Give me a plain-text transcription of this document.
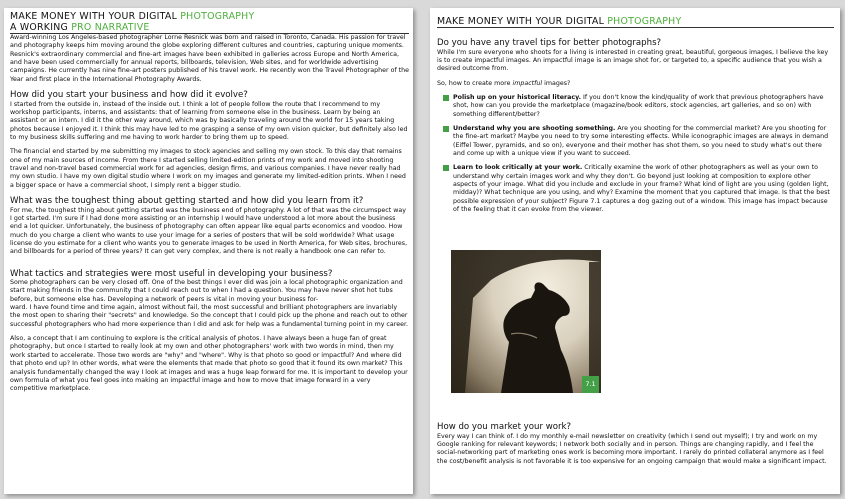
MAKE MONEY WITH YOUR DIGITAL PHOTOGRAPHY
A WORKING PRO NARRATIVE

Award-winning Los Angeles-based photographer Lorne Resnick was born and raised in Toronto, Canada. His passion for travel and photography keeps him moving around the globe exploring different cultures and countries, capturing unique moments. Resnick's extraordinary commercial and fine-art images have been exhibited in galleries across Europe and North America, and have been used commercially for annual reports, billboards, television, Web sites, and for worldwide advertising campaigns. He currently has nine fine-art posters published of his travel work. He recently won the Travel Photographer of the Year and first place in the International Photography Awards.

How did you start your business and how did it evolve?

I started from the outside in, instead of the inside out. I think a lot of people follow the route that I recommend to my workshop participants, interns, and assistants: that of learning from someone else in the business. Learn by being an assistant or an intern. I did it the other way around, which was by basically traveling around the world for 15 years taking photos because I enjoyed it. I think this may have led to me grasping a sense of my own vision quicker, but definitely also led to my business skills suffering and me having to work harder to bring them up to speed.

The financial end started by me submitting my images to stock agencies and selling my own stock. To this day that remains one of my main sources of income. From there I started selling limited-edition prints of my work and moved into shooting travel and non-travel based commercial work for ad agencies, design firms, and various companies. I have never really had my own studio. I have my own digital studio where I work on my images and generate my limited-edition prints. When I need a bigger space or have a commercial shoot, I simply rent a bigger studio.

What was the toughest thing about getting started and how did you learn from it?

For me, the toughest thing about getting started was the business end of photography. A lot of that was the circumspect way I got started. I'm sure if I had done more assisting or an internship I would have understood a lot more about the business end a lot quicker. Unfortunately, the business of photography can often appear like equal parts economics and voodoo. How much do you charge a client who wants to use your image for a series of posters that will be sold worldwide? What usage license do you estimate for a client who wants you to generate images to be used in North America, for Web sites, brochures, and billboards for a period of three years? It can get very complex, and there is not really a handbook one can refer to.

What tactics and strategies were most useful in developing your business?

Some photographers can be very closed off. One of the best things I ever did was join a local photographic organization and start making friends in the community that I could reach out to when I had a question. You may have never shot hot tubs before, but someone else has. Developing a network of peers is vital in moving your business for-

ward. I have found time and time again, almost without fail, the most successful and brilliant photographers are invariably the most open to sharing their "secrets" and knowledge. So the concept that I could pick up the phone and reach out to other successful photographers who had more experience than I did and ask for help was a fundamental turning point in my career.

Also, a concept that I am continuing to explore is the critical analysis of photos. I have always been a huge fan of great photography, but once I started to really look at my own and other photographers' work with two words in mind, then my work started to accelerate. Those two words are "why" and "where". Why is that photo so good or impactful? And where did that photo end up? In other words, what were the elements that made that photo so good that it found its own market? This analysis fundamentally changed the way I look at images and was a huge leap forward for me. It is important to develop your own formula of what you feel goes into making an impactful image and how to move that image forward in a very competitive marketplace.

MAKE MONEY WITH YOUR DIGITAL PHOTOGRAPHY
Do you have any travel tips for better photographs?

While I'm sure everyone who shoots for a living is interested in creating great, beautiful, gorgeous images, I believe the key is to create impactful images. An impactful image is an image shot for, or targeted to, a specific audience that you wish a desired outcome from.

So, how to create more impactful images?

Polish up on your historical literacy. If you don't know the kind/quality of work that previous photographers have shot, how can you provide the marketplace (magazine/book editors, stock agencies, art galleries, and so on) with something different/better?

Understand why you are shooting something. Are you shooting for the commercial market? Are you shooting for the fine-art market? Maybe you need to try some interesting effects. While iconographic images are always in demand (Eiffel Tower, pyramids, and so on), everyone and their mother has shot them, so you need to study what's out there and come up with a unique view if you want to succeed.

Learn to look critically at your work. Critically examine the work of other photographers as well as your own to understand why certain images work and why they don't. Go beyond just looking at composition to explore other aspects of your image. What did you include and exclude in your frame? What kind of light are you using (golden light, midday)? What technique are you using, and why? Examine the moment that you captured that image. Is that the best possible expression of your subject? Figure 7.1 captures a dog gazing out of a window. This image has impact because of the feeling that it can evoke from the viewer.

7.1
How do you market your work?

Every way I can think of. I do my monthly e-mail newsletter on creativity (which I send out myself); I try and work on my Google ranking for relevant keywords; I network both socially and in person. Things are changing rapidly, and I feel the social-networking part of marketing ones work is becoming more important. I rarely do printed collateral anymore as I feel the cost/benefit analysis is not favorable it is too expensive for an ongoing campaign that would make a significant impact.
